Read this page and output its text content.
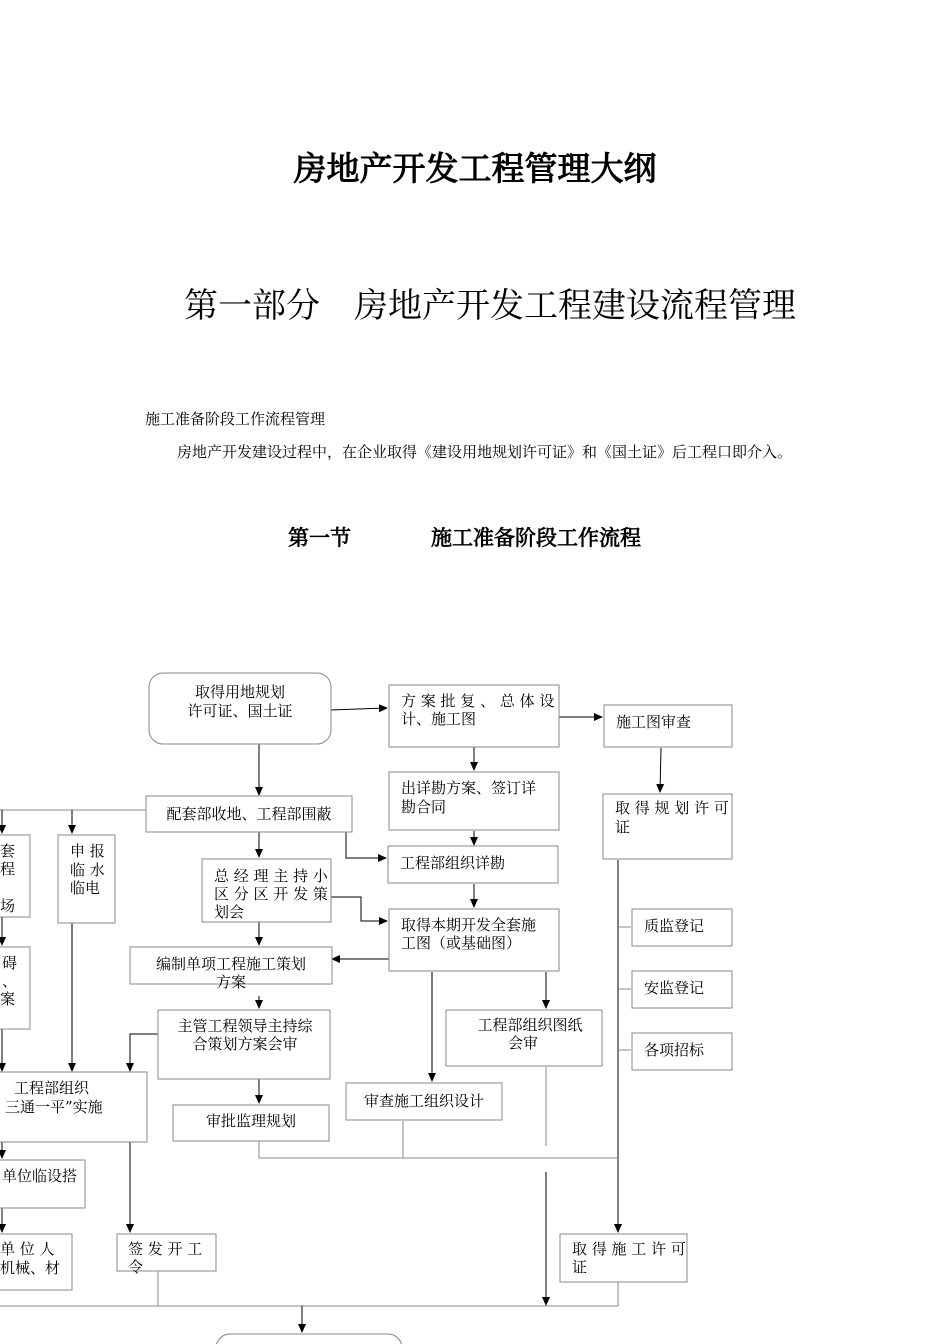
房地产开发工程管理大纲
第一部分　房地产开发工程建设流程管理
施工准备阶段工作流程管理
房地产开发建设过程中，在企业取得《建设用地规划许可证》和《国土证》后工程口即介入。
第一节	施工准备阶段工作流程
取得用地规划
许可证、国土证
方 案 批 复 、 总 体 设
计、施工图	施工图审查
出详勘方案、签订详
勘合同	取 得 规 划 许 可
证
配套部收地、工程部围蔽
套
程
场
申 报
临 水
临电
工程部组织详勘
总 经 理 主 持 小
区 分 区 开 发 策
划会
取得本期开发全套施
工图（或基础图）
质监登记
碍
、
案
编制单项工程施工策划
方案	安监登记
主管工程领导主持综
合策划方案会审
工程部组织图纸
会审	各项招标
工程部组织
三通一平”实施	审查施工组织设计
审批监理规划
单位临设搭
单 位 人
机械、材
签 发 开 工
令
取 得 施 工 许 可
证
